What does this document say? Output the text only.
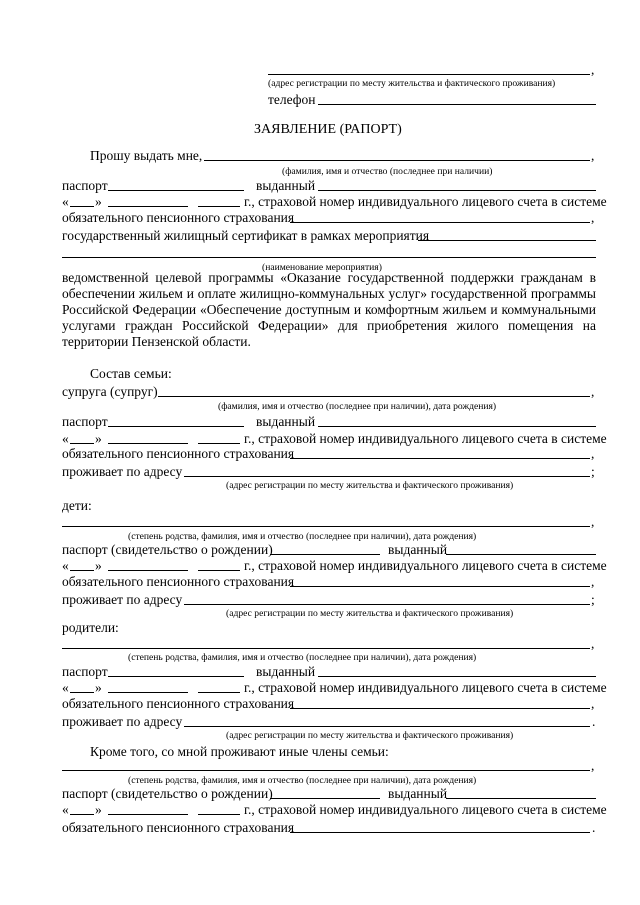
,
(адрес регистрации по месту жительства и фактического проживания)
телефон
ЗАЯВЛЕНИЕ (РАПОРТ)
Прошу выдать мне,	,
(фамилия, имя и отчество (последнее при наличии)
паспорт	выданный
« »	г., страховой номер индивидуального лицевого счета в системе
обязательного пенсионного страхования	,
государственный жилищный сертификат в рамках мероприятия
(наименование мероприятия)
ведомственной целевой программы «Оказание государственной поддержки гражданам в обеспечении жильем и оплате жилищно-коммунальных услуг» государственной программы Российской Федерации «Обеспечение доступным и комфортным жильем и коммунальными услугами граждан Российской Федерации» для приобретения жилого помещения на территории Пензенской области.
Состав семьи:
супруга (супруг)	,
(фамилия, имя и отчество (последнее при наличии), дата рождения)
паспорт	выданный
« »	г., страховой номер индивидуального лицевого счета в системе
обязательного пенсионного страхования	,
проживает по адресу	;
(адрес регистрации по месту жительства и фактического проживания)
дети:
,
(степень родства, фамилия, имя и отчество (последнее при наличии), дата рождения)
паспорт (свидетельство о рождении)	выданный
« »	г., страховой номер индивидуального лицевого счета в системе
обязательного пенсионного страхования	,
проживает по адресу	;
(адрес регистрации по месту жительства и фактического проживания)
родители:
,
(степень родства, фамилия, имя и отчество (последнее при наличии), дата рождения)
паспорт	выданный
« »	г., страховой номер индивидуального лицевого счета в системе
обязательного пенсионного страхования	,
проживает по адресу	.
(адрес регистрации по месту жительства и фактического проживания)
Кроме того, со мной проживают иные члены семьи:
,
(степень родства, фамилия, имя и отчество (последнее при наличии), дата рождения)
паспорт (свидетельство о рождении)	выданный
« »	г., страховой номер индивидуального лицевого счета в системе
обязательного пенсионного страхования	.
